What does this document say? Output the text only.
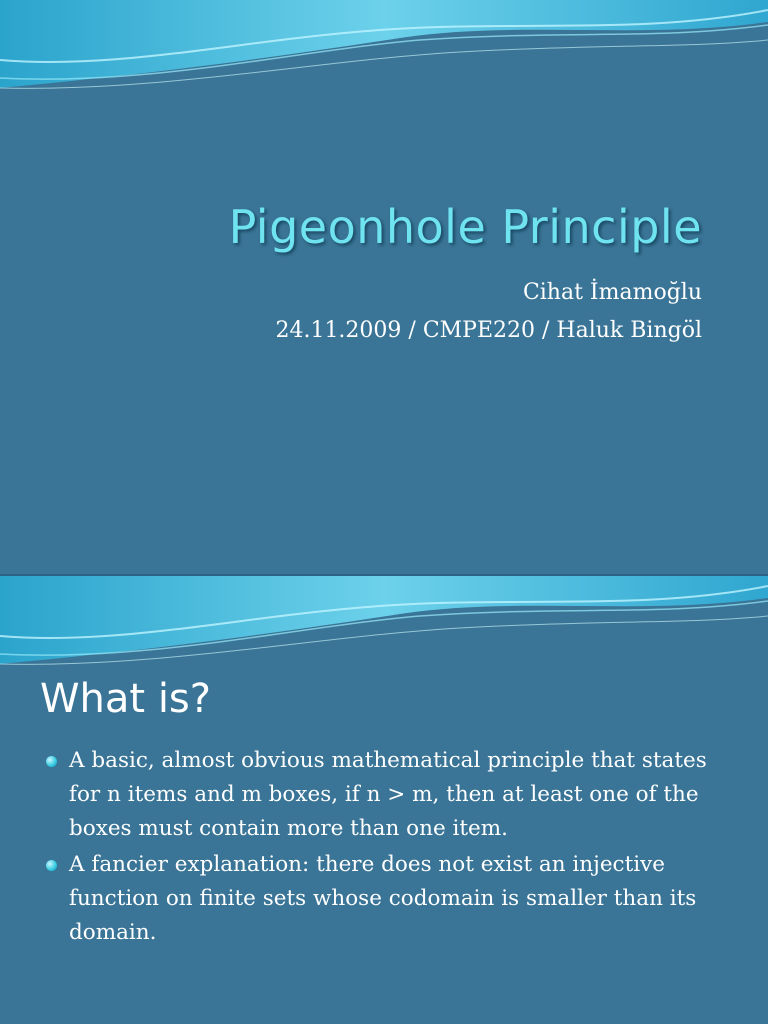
Pigeonhole Principle
Cihat İmamoğlu
24.11.2009 / CMPE220 / Haluk Bingöl
What is?
A basic, almost obvious mathematical principle that states for n items and m boxes, if n > m, then at least one of the boxes must contain more than one item.
A fancier explanation: there does not exist an injective function on finite sets whose codomain is smaller than its domain.
